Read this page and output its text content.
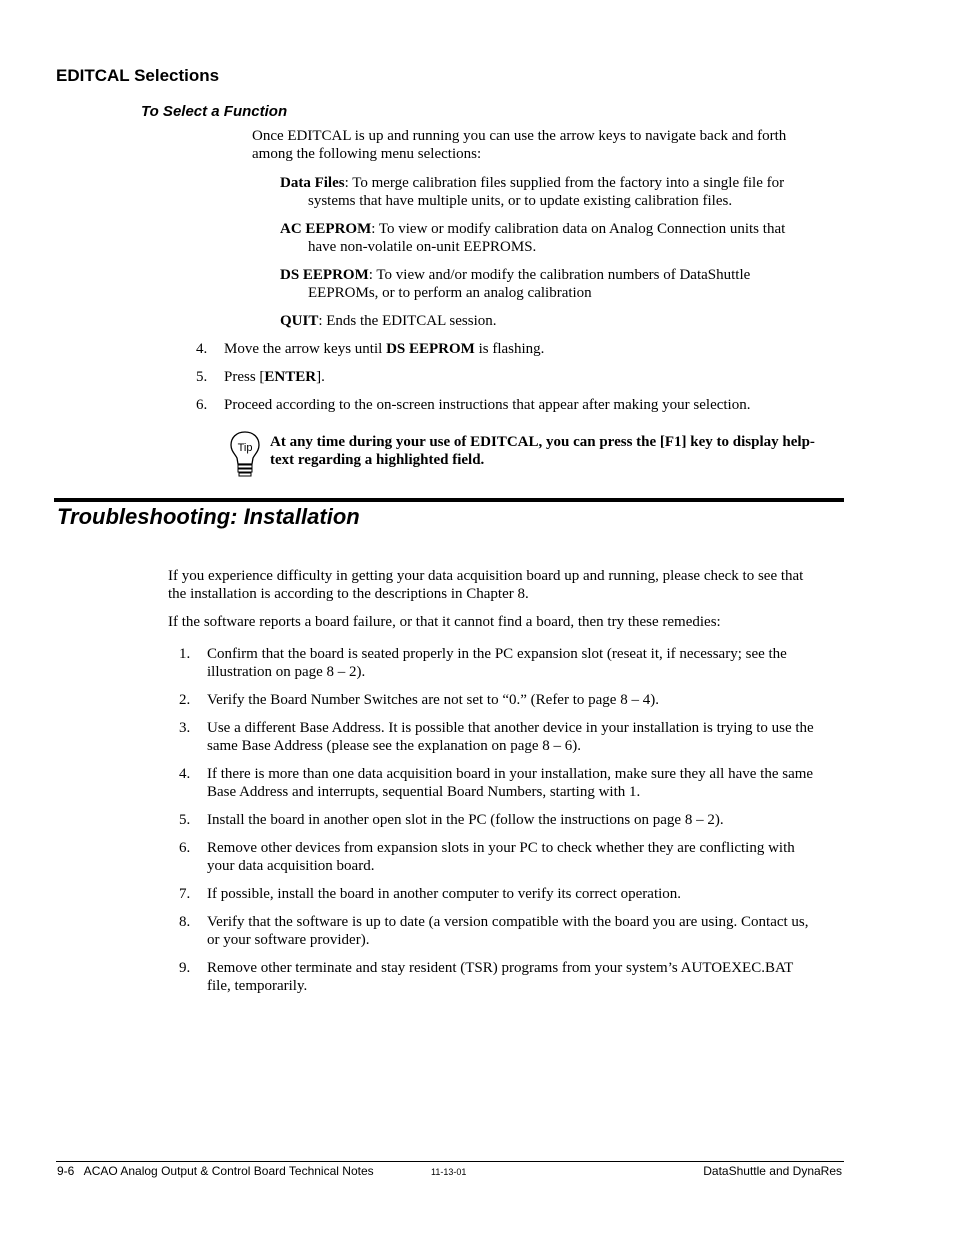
EDITCAL Selections
To Select a Function
Once EDITCAL is up and running you can use the arrow keys to navigate back and forth
among the following menu selections:
Data Files: To merge calibration files supplied from the factory into a single file for
systems that have multiple units, or to update existing calibration files.
AC EEPROM: To view or modify calibration data on Analog Connection units that
have non-volatile on-unit EEPROMS.
DS EEPROM: To view and/or modify the calibration numbers of DataShuttle
EEPROMs, or to perform an analog calibration
QUIT: Ends the EDITCAL session.
4. Move the arrow keys until DS EEPROM is flashing.
5. Press [ENTER].
6. Proceed according to the on-screen instructions that appear after making your selection.
Tip At any time during your use of EDITCAL, you can press the [F1] key to display help-
text regarding a highlighted field.
Troubleshooting: Installation
If you experience difficulty in getting your data acquisition board up and running, please check to see that
the installation is according to the descriptions in Chapter 8.
If the software reports a board failure, or that it cannot find a board, then try these remedies:
1. Confirm that the board is seated properly in the PC expansion slot (reseat it, if necessary; see the
illustration on page 8 – 2).
2. Verify the Board Number Switches are not set to “0.” (Refer to page 8 – 4).
3. Use a different Base Address. It is possible that another device in your installation is trying to use the
same Base Address (please see the explanation on page 8 – 6).
4. If there is more than one data acquisition board in your installation, make sure they all have the same
Base Address and interrupts, sequential Board Numbers, starting with 1.
5. Install the board in another open slot in the PC (follow the instructions on page 8 – 2).
6. Remove other devices from expansion slots in your PC to check whether they are conflicting with
your data acquisition board.
7. If possible, install the board in another computer to verify its correct operation.
8. Verify that the software is up to date (a version compatible with the board you are using. Contact us,
or your software provider).
9. Remove other terminate and stay resident (TSR) programs from your system’s AUTOEXEC.BAT
file, temporarily.
9-6   ACAO Analog Output & Control Board Technical Notes	11-13-01	DataShuttle and DynaRes
